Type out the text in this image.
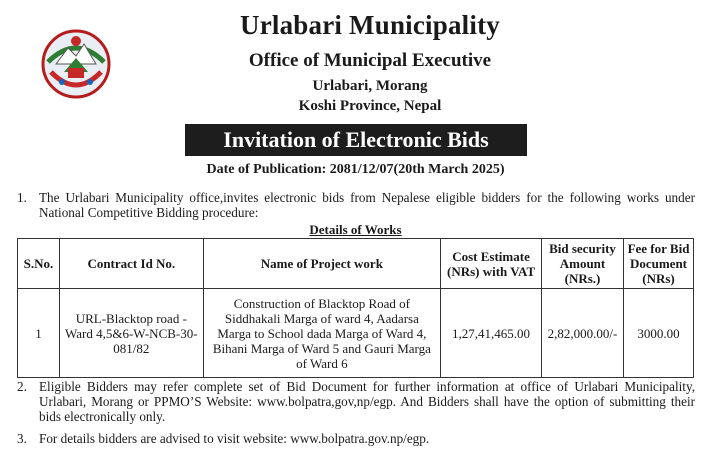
Urlabari Municipality
Office of Municipal Executive
Urlabari, Morang
Koshi Province, Nepal
Invitation of Electronic Bids
Date of Publication: 2081/12/07(20th March 2025)
1. The Urlabari Municipality office,invites electronic bids from Nepalese eligible bidders for the following works under National Competitive Bidding procedure:
Details of Works
S.No.	Contract Id No.	Name of Project work	Cost Estimate (NRs) with VAT	Bid security Amount (NRs.)	Fee for Bid Document (NRs)
1	URL-Blacktop road -Ward 4,5&6-W-NCB-30-081/82	Construction of Blacktop Road of Siddhakali Marga of ward 4, Aadarsa Marga to School dada Marga of Ward 4, Bihani Marga of Ward 5 and Gauri Marga of Ward 6	1,27,41,465.00	2,82,000.00/-	3000.00
2. Eligible Bidders may refer complete set of Bid Document for further information at office of Urlabari Municipality, Urlabari, Morang or PPMO’S Website: www.bolpatra,gov,np/egp. And Bidders shall have the option of submitting their bids electronically only.
3. For details bidders are advised to visit website: www.bolpatra.gov.np/egp.
